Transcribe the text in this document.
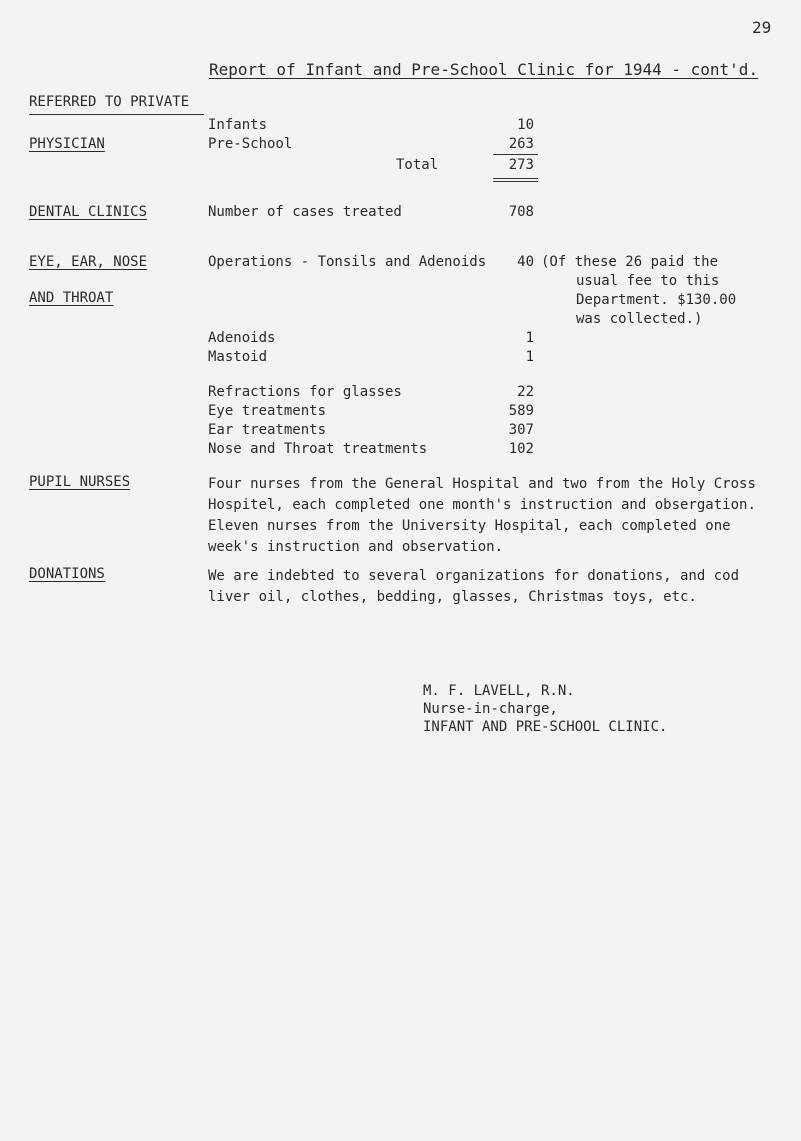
29
Report of Infant and Pre-School Clinic for 1944 - cont'd.
REFERRED TO PRIVATE
PHYSICIAN
Infants	10
Pre-School	263
Total	273
DENTAL CLINICS	Number of cases treated	708
EYE, EAR, NOSE
AND THROAT
Operations - Tonsils and Adenoids	40 (Of these 26 paid the
usual fee to this
Department. $130.00
was collected.)
Adenoids	1
Mastoid	1
Refractions for glasses	22
Eye treatments	589
Ear treatments	307
Nose and Throat treatments	102
PUPIL NURSES	Four nurses from the General Hospital and two from the Holy Cross Hospitel, each completed one month's instruction and obsergation. Eleven nurses from the University Hospital, each completed one week's instruction and observation.
DONATIONS	We are indebted to several organizations for donations, and cod liver oil, clothes, bedding, glasses, Christmas toys, etc.
M. F. LAVELL, R.N.
Nurse-in-charge,
INFANT AND PRE-SCHOOL CLINIC.
